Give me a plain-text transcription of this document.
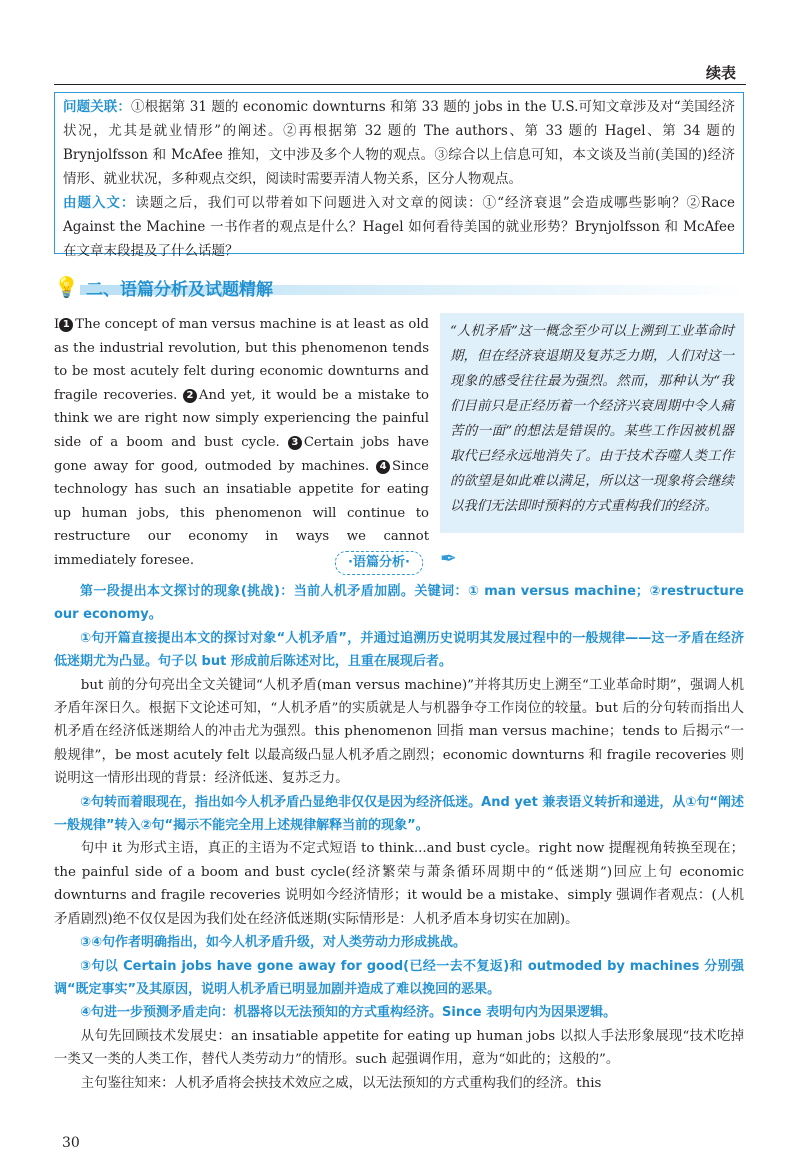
续表

问题关联：①根据第 31 题的 economic downturns 和第 33 题的 jobs in the U.S.可知文章涉及对“美国经济状况，尤其是就业情形”的阐述。②再根据第 32 题的 The authors、第 33 题的 Hagel、第 34 题的 Brynjolfsson 和 McAfee 推知，文中涉及多个人物的观点。③综合以上信息可知，本文谈及当前(美国的)经济情形、就业状况，多种观点交织，阅读时需要弄清人物关系，区分人物观点。

由题入文：读题之后，我们可以带着如下问题进入对文章的阅读：①“经济衰退”会造成哪些影响？②Race Against the Machine 一书作者的观点是什么？Hagel 如何看待美国的就业形势？Brynjolfsson 和 McAfee 在文章末段提及了什么话题？

💡 二、语篇分析及试题精解

Ⅰ 1 The concept of man versus machine is at least as old as the industrial revolution, but this phenomenon tends to be most acutely felt during economic downturns and fragile recoveries. 2 And yet, it would be a mistake to think we are right now simply experiencing the painful side of a boom and bust cycle. 3 Certain jobs have gone away for good, outmoded by machines. 4 Since technology has such an insatiable appetite for eating up human jobs, this phenomenon will continue to restructure our economy in ways we cannot immediately foresee.

“人机矛盾”这一概念至少可以上溯到工业革命时期，但在经济衰退期及复苏乏力期，人们对这一现象的感受往往最为强烈。然而，那种认为“我们目前只是正经历着一个经济兴衰周期中令人痛苦的一面”的想法是错误的。某些工作因被机器取代已经永远地消失了。由于技术吞噬人类工作的欲望是如此难以满足，所以这一现象将会继续以我们无法即时预料的方式重构我们的经济。

·语篇分析·	✒

第一段提出本文探讨的现象(挑战)：当前人机矛盾加剧。关键词：① man versus machine；②restructure our economy。

①句开篇直接提出本文的探讨对象“人机矛盾”，并通过追溯历史说明其发展过程中的一般规律——这一矛盾在经济低迷期尤为凸显。句子以 but 形成前后陈述对比，且重在展现后者。

but 前的分句亮出全文关键词“人机矛盾(man versus machine)”并将其历史上溯至“工业革命时期”，强调人机矛盾年深日久。根据下文论述可知，“人机矛盾”的实质就是人与机器争夺工作岗位的较量。but 后的分句转而指出人机矛盾在经济低迷期给人的冲击尤为强烈。this phenomenon 回指 man versus machine；tends to 后揭示“一般规律”，be most acutely felt 以最高级凸显人机矛盾之剧烈；economic downturns 和 fragile recoveries 则说明这一情形出现的背景：经济低迷、复苏乏力。

②句转而着眼现在，指出如今人机矛盾凸显绝非仅仅是因为经济低迷。And yet 兼表语义转折和递进，从①句“阐述一般规律”转入②句“揭示不能完全用上述规律解释当前的现象”。

句中 it 为形式主语，真正的主语为不定式短语 to think...and bust cycle。right now 提醒视角转换至现在；the painful side of a boom and bust cycle(经济繁荣与萧条循环周期中的“低迷期”)回应上句 economic downturns and fragile recoveries 说明如今经济情形；it would be a mistake、simply 强调作者观点：(人机矛盾剧烈)绝不仅仅是因为我们处在经济低迷期(实际情形是：人机矛盾本身切实在加剧)。

③④句作者明确指出，如今人机矛盾升级，对人类劳动力形成挑战。

③句以 Certain jobs have gone away for good(已经一去不复返)和 outmoded by machines 分别强调“既定事实”及其原因，说明人机矛盾已明显加剧并造成了难以挽回的恶果。

④句进一步预测矛盾走向：机器将以无法预知的方式重构经济。Since 表明句内为因果逻辑。

从句先回顾技术发展史：an insatiable appetite for eating up human jobs 以拟人手法形象展现“技术吃掉一类又一类的人类工作，替代人类劳动力”的情形。such 起强调作用，意为“如此的；这般的”。

主句鉴往知来：人机矛盾将会挟技术效应之威，以无法预知的方式重构我们的经济。this

30
